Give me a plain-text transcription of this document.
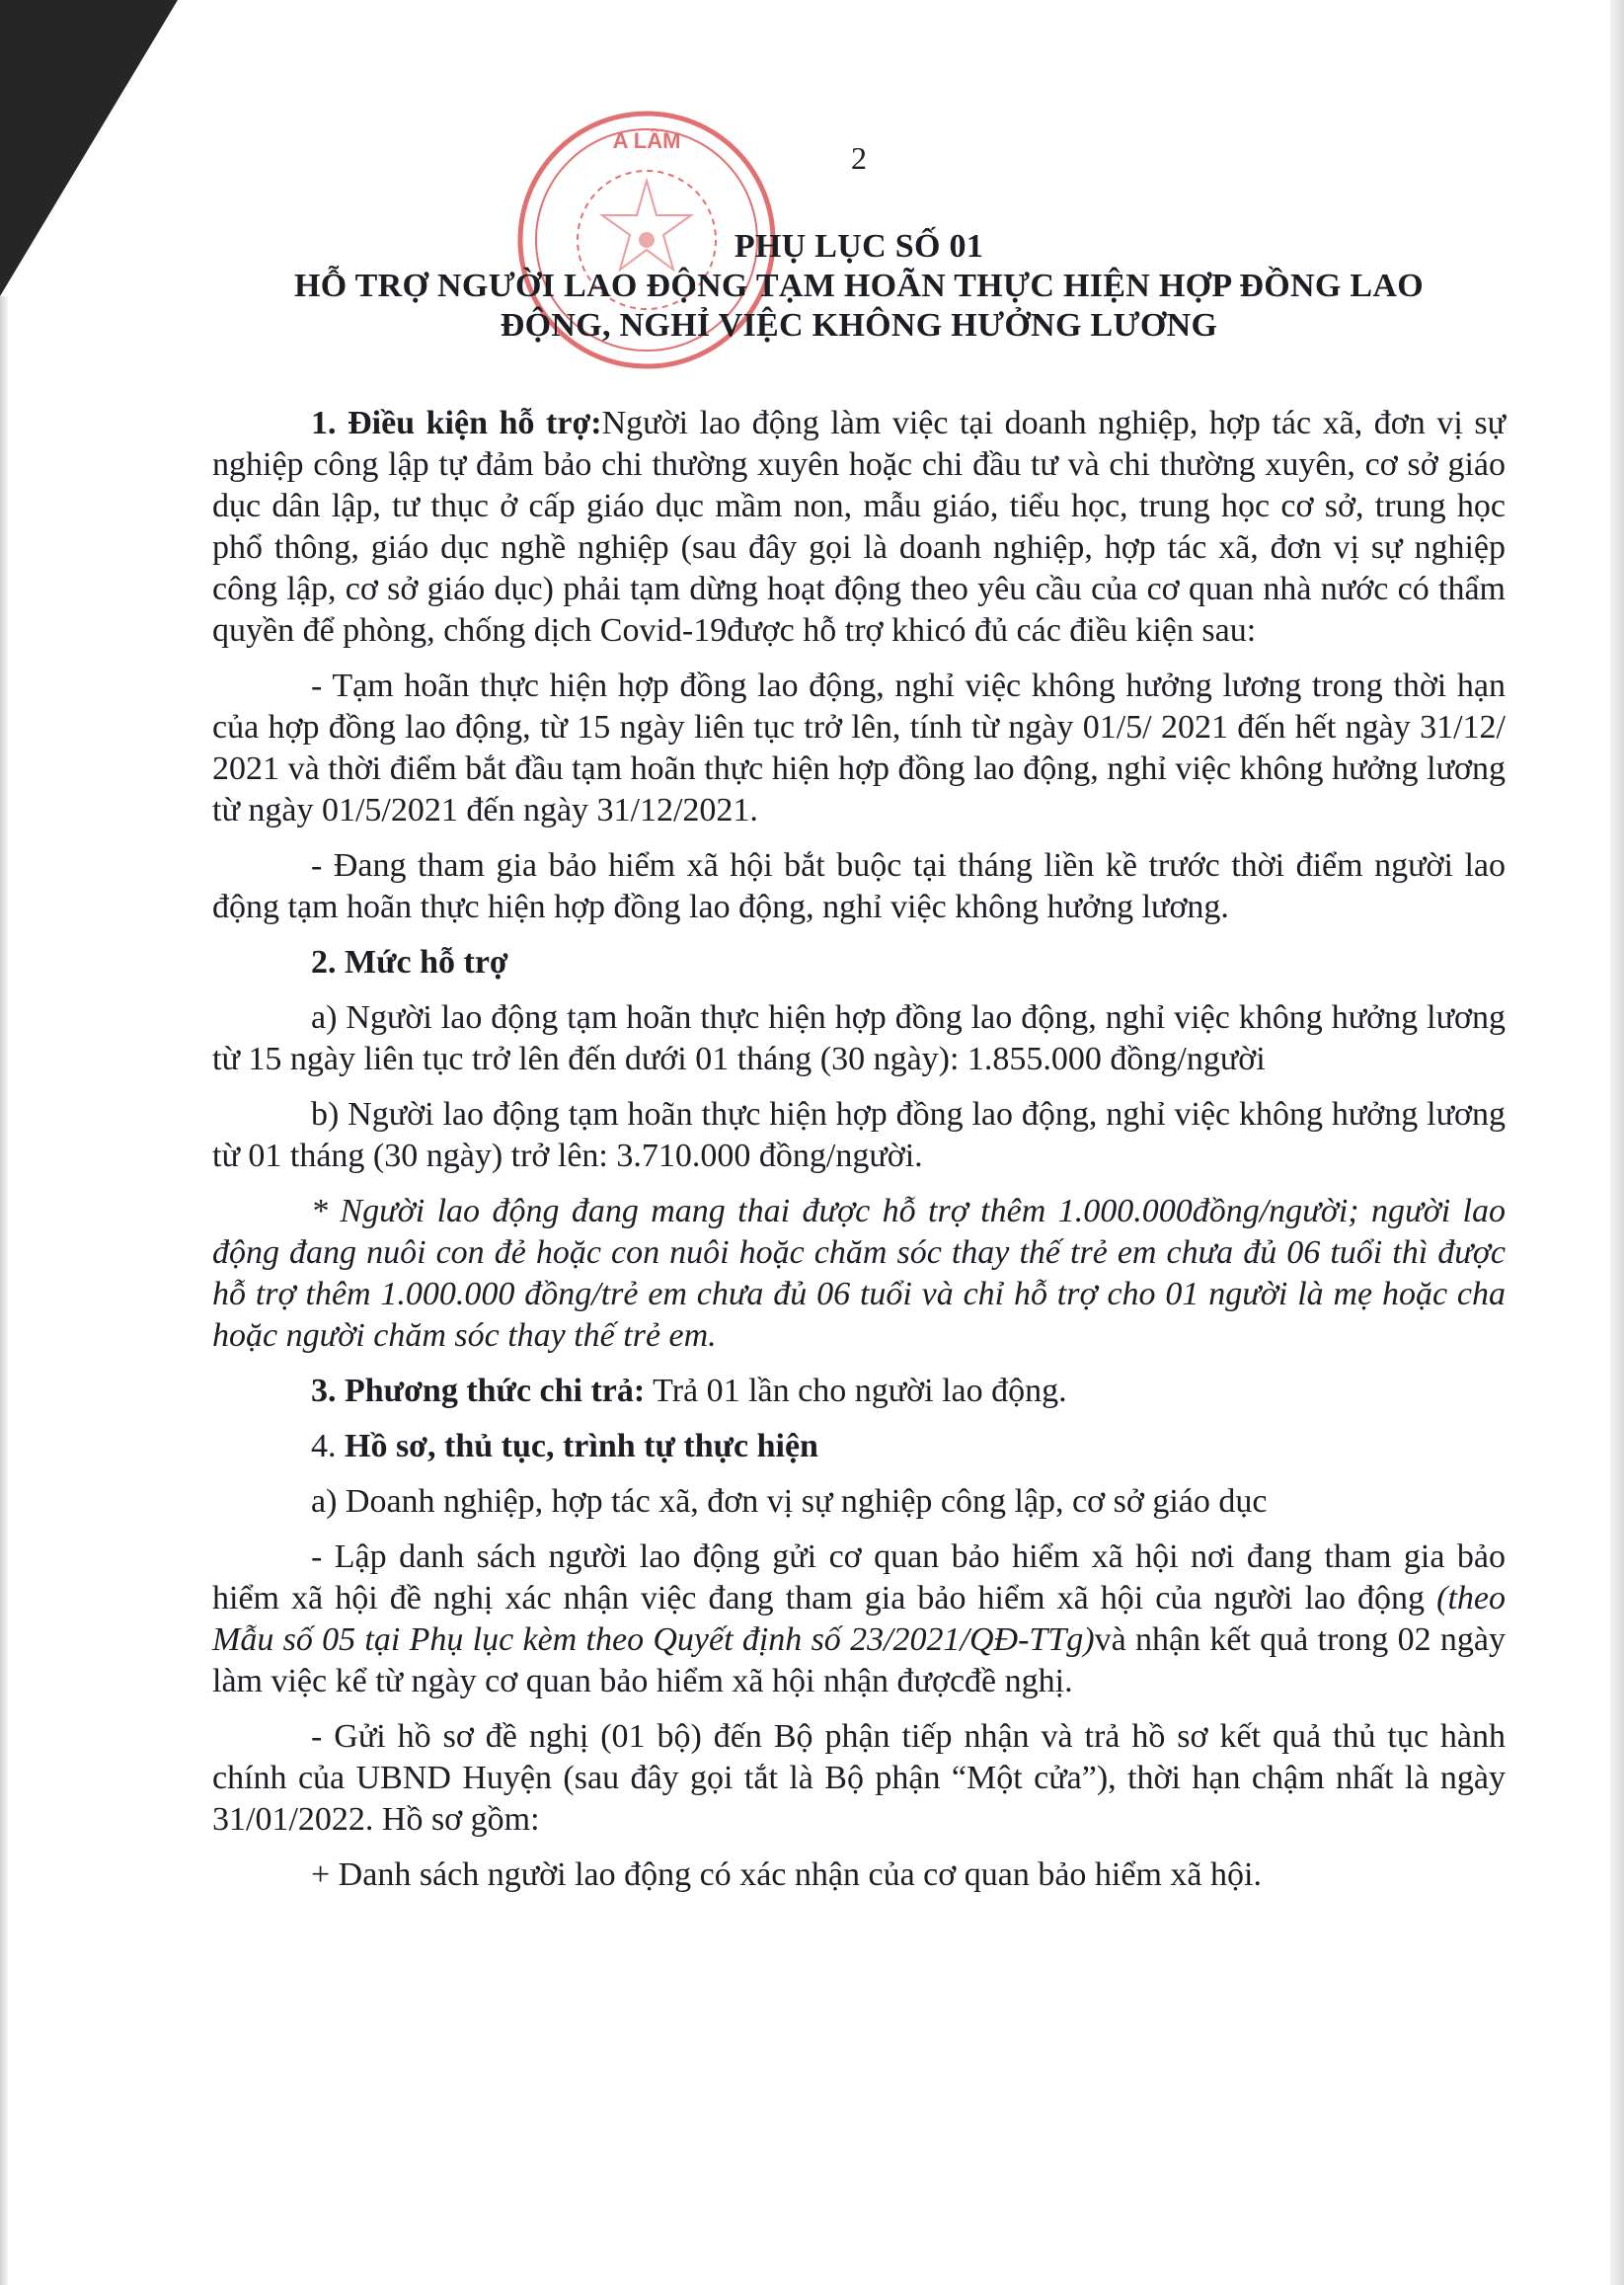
A LÂM	2

PHỤ LỤC SỐ 01

HỖ TRỢ NGƯỜI LAO ĐỘNG TẠM HOÃN THỰC HIỆN HỢP ĐỒNG LAO

ĐỘNG, NGHỈ VIỆC KHÔNG HƯỞNG LƯƠNG

1. Điều kiện hỗ trợ:Người lao động làm việc tại doanh nghiệp, hợp tác xã, đơn vị sự nghiệp công lập tự đảm bảo chi thường xuyên hoặc chi đầu tư và chi thường xuyên, cơ sở giáo dục dân lập, tư thục ở cấp giáo dục mầm non, mẫu giáo, tiểu học, trung học cơ sở, trung học phổ thông, giáo dục nghề nghiệp (sau đây gọi là doanh nghiệp, hợp tác xã, đơn vị sự nghiệp công lập, cơ sở giáo dục) phải tạm dừng hoạt động theo yêu cầu của cơ quan nhà nước có thẩm quyền để phòng, chống dịch Covid-19được hỗ trợ khicó đủ các điều kiện sau:

- Tạm hoãn thực hiện hợp đồng lao động, nghỉ việc không hưởng lương trong thời hạn của hợp đồng lao động, từ 15 ngày liên tục trở lên, tính từ ngày 01/5/ 2021 đến hết ngày 31/12/ 2021 và thời điểm bắt đầu tạm hoãn thực hiện hợp đồng lao động, nghỉ việc không hưởng lương từ ngày 01/5/2021 đến ngày 31/12/2021.

- Đang tham gia bảo hiểm xã hội bắt buộc tại tháng liền kề trước thời điểm người lao động tạm hoãn thực hiện hợp đồng lao động, nghỉ việc không hưởng lương.

2. Mức hỗ trợ

a) Người lao động tạm hoãn thực hiện hợp đồng lao động, nghỉ việc không hưởng lương từ 15 ngày liên tục trở lên đến dưới 01 tháng (30 ngày): 1.855.000 đồng/người

b) Người lao động tạm hoãn thực hiện hợp đồng lao động, nghỉ việc không hưởng lương từ 01 tháng (30 ngày) trở lên: 3.710.000 đồng/người.

* Người lao động đang mang thai được hỗ trợ thêm 1.000.000đồng/người; người lao động đang nuôi con đẻ hoặc con nuôi hoặc chăm sóc thay thế trẻ em chưa đủ 06 tuổi thì được hỗ trợ thêm 1.000.000 đồng/trẻ em chưa đủ 06 tuổi và chỉ hỗ trợ cho 01 người là mẹ hoặc cha hoặc người chăm sóc thay thế trẻ em.

3. Phương thức chi trả: Trả 01 lần cho người lao động.

4. Hồ sơ, thủ tục, trình tự thực hiện

a) Doanh nghiệp, hợp tác xã, đơn vị sự nghiệp công lập, cơ sở giáo dục

- Lập danh sách người lao động gửi cơ quan bảo hiểm xã hội nơi đang tham gia bảo hiểm xã hội đề nghị xác nhận việc đang tham gia bảo hiểm xã hội của người lao động (theo Mẫu số 05 tại Phụ lục kèm theo Quyết định số 23/2021/QĐ-TTg)và nhận kết quả trong 02 ngày làm việc kể từ ngày cơ quan bảo hiểm xã hội nhận đượcđề nghị.

- Gửi hồ sơ đề nghị (01 bộ) đến Bộ phận tiếp nhận và trả hồ sơ kết quả thủ tục hành chính của UBND Huyện (sau đây gọi tắt là Bộ phận “Một cửa”), thời hạn chậm nhất là ngày 31/01/2022. Hồ sơ gồm:

+ Danh sách người lao động có xác nhận của cơ quan bảo hiểm xã hội.
